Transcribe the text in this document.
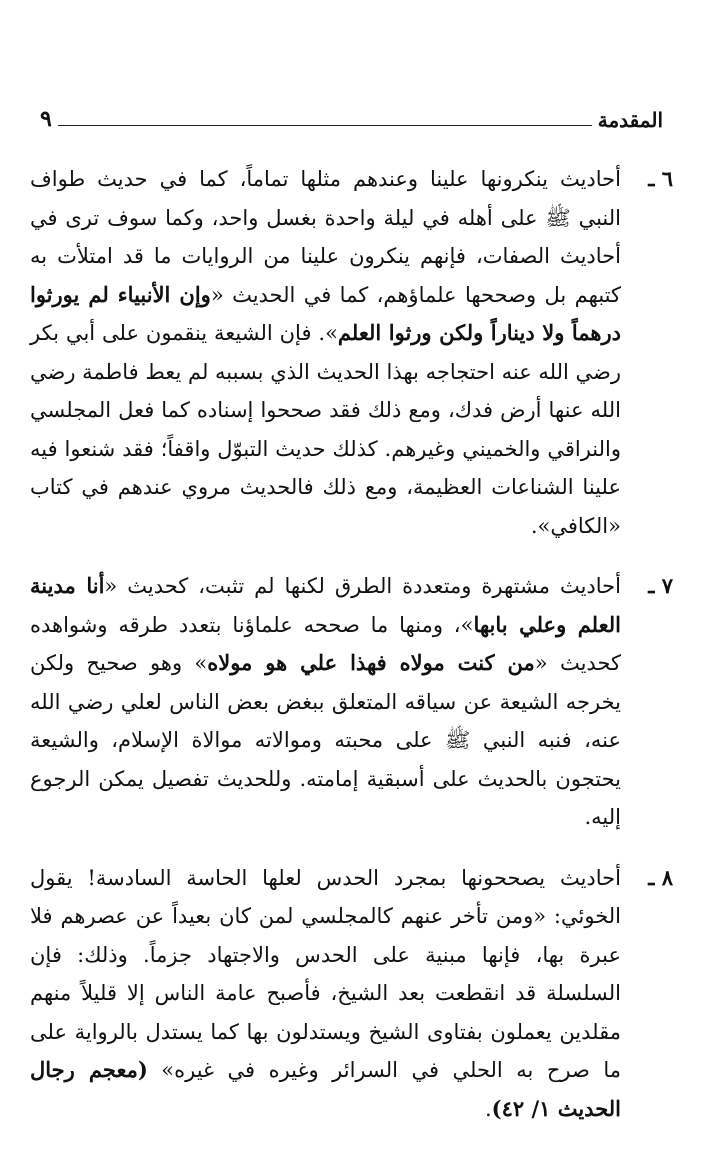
المقدمة
٩
٦ ـ
أحاديث ينكرونها علينا وعندهم مثلها تماماً، كما في حديث طواف النبي ﷺ على أهله في ليلة واحدة بغسل واحد، وكما سوف ترى في أحاديث الصفات، فإنهم ينكرون علينا من الروايات ما قد امتلأت به كتبهم بل وصححها علماؤهم، كما في الحديث «وإن الأنبياء لم يورثوا درهماً ولا ديناراً ولكن ورثوا العلم». فإن الشيعة ينقمون على أبي بكر رضي الله عنه احتجاجه بهذا الحديث الذي بسببه لم يعط فاطمة رضي الله عنها أرض فدك، ومع ذلك فقد صححوا إسناده كما فعل المجلسي والنراقي والخميني وغيرهم. كذلك حديث التبوّل واقفاً؛ فقد شنعوا فيه علينا الشناعات العظيمة، ومع ذلك فالحديث مروي عندهم في كتاب «الكافي».
٧ ـ
أحاديث مشتهرة ومتعددة الطرق لكنها لم تثبت، كحديث «أنا مدينة العلم وعلي بابها»، ومنها ما صححه علماؤنا بتعدد طرقه وشواهده كحديث «من كنت مولاه فهذا علي هو مولاه» وهو صحيح ولكن يخرجه الشيعة عن سياقه المتعلق ببغض بعض الناس لعلي رضي الله عنه، فنبه النبي ﷺ على محبته وموالاته موالاة الإسلام، والشيعة يحتجون بالحديث على أسبقية إمامته. وللحديث تفصيل يمكن الرجوع إليه.
٨ ـ
أحاديث يصححونها بمجرد الحدس لعلها الحاسة السادسة! يقول الخوئي: «ومن تأخر عنهم كالمجلسي لمن كان بعيداً عن عصرهم فلا عبرة بها، فإنها مبنية على الحدس والاجتهاد جزماً. وذلك: فإن السلسلة قد انقطعت بعد الشيخ، فأصبح عامة الناس إلا قليلاً منهم مقلدين يعملون بفتاوى الشيخ ويستدلون بها كما يستدل بالرواية على ما صرح به الحلي في السرائر وغيره في غيره» (معجم رجال الحديث ١/ ٤٢).
